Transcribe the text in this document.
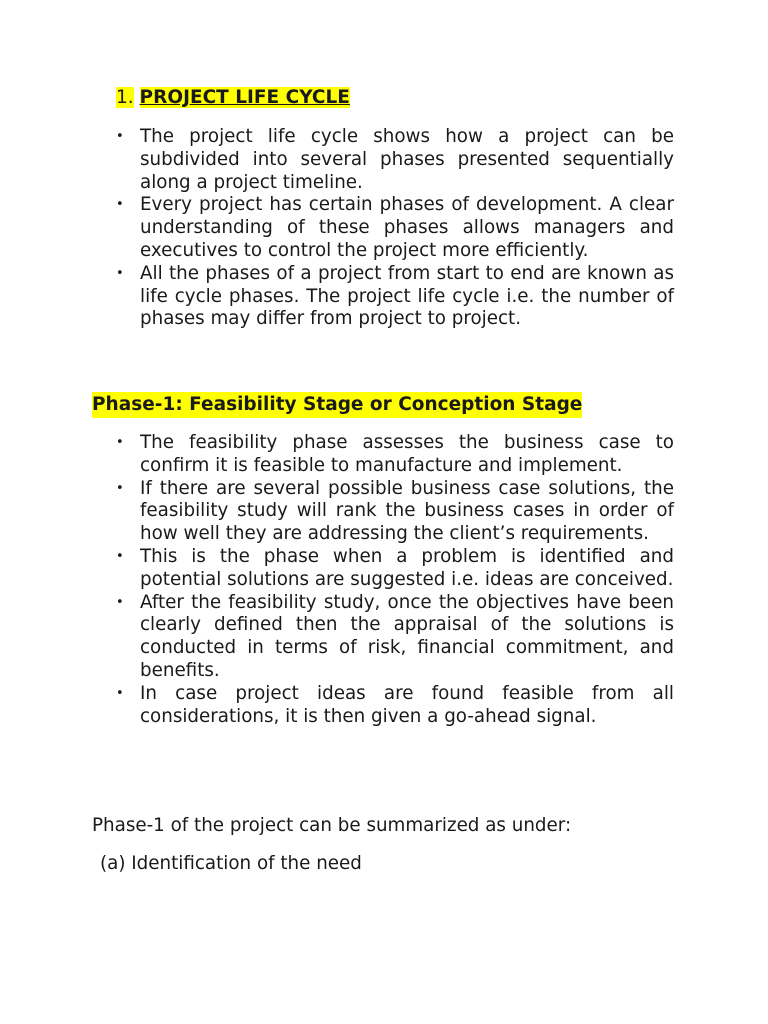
1. PROJECT LIFE CYCLE
• The project life cycle shows how a project can be subdivided into several phases presented sequentially along a project timeline.
• Every project has certain phases of development. A clear understanding of these phases allows managers and executives to control the project more efficiently.
• All the phases of a project from start to end are known as life cycle phases. The project life cycle i.e. the number of phases may differ from project to project.
Phase-1: Feasibility Stage or Conception Stage
• The feasibility phase assesses the business case to confirm it is feasible to manufacture and implement.
• If there are several possible business case solutions, the feasibility study will rank the business cases in order of how well they are addressing the client’s requirements.
• This is the phase when a problem is identified and potential solutions are suggested i.e. ideas are conceived.
• After the feasibility study, once the objectives have been clearly defined then the appraisal of the solutions is conducted in terms of risk, financial commitment, and benefits.
• In case project ideas are found feasible from all considerations, it is then given a go-ahead signal.
Phase-1 of the project can be summarized as under:
(a) Identification of the need
